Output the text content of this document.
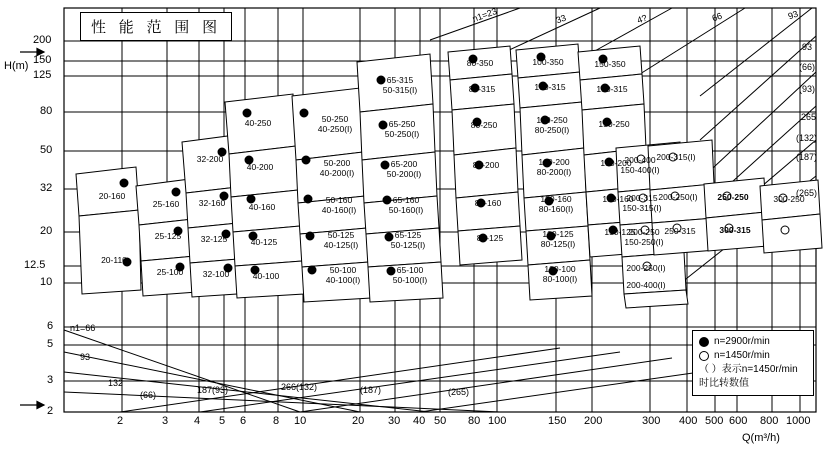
性 能 范 围 图
H(m)
Q(m³/h)
200
150
125
80
50
32
20
12.5
10
6
5
3
2
2	3 4 5 6 8 10	20 30 40 50 80 100	150 200	300 400 500 600 800 1000
n1=23	33	4?	66	93
93
(66)
(93)
(132)
(187)
(265)
265
n1=66
93
132
(66)	187(93)	266(132)	(187)	(265)
20-160
20-110
25-160
25-125
25-100
32-200
32-160
32-125
32-100
40-250
40-200
40-160
40-125
40-100
50-250
40-250(I)
50-200
40-200(I)
50-160
40-160(I)
50-125
40-125(I)
50-100
40-100(I)
65-315
50-315(I)
65-250
50-250(I)
65-200
50-200(I)
65-160
50-160(I)
65-125
50-125(I)
65-100
50-100(I)
80-350
80-315
80-250
80-200
80-160
80-125
100-350
100-315
100-250
80-250(I)
100-200
80-200(I)
100-160
80-160(I)
100-125
80-125(I)
100-100
80-100(I)
150-350
150-315
150-250
150-200
150-160
150-125
200-400
150-400(I)
200-315
150-315(I)
200-250
150-250(I)
200-250(I)
200-400(I)
200-315(I)
200-250(I)
250-315
250-250
300-315
300-250
n=2900r/min
n=1450r/min
（ ）表示n=1450r/min
时比转数值
